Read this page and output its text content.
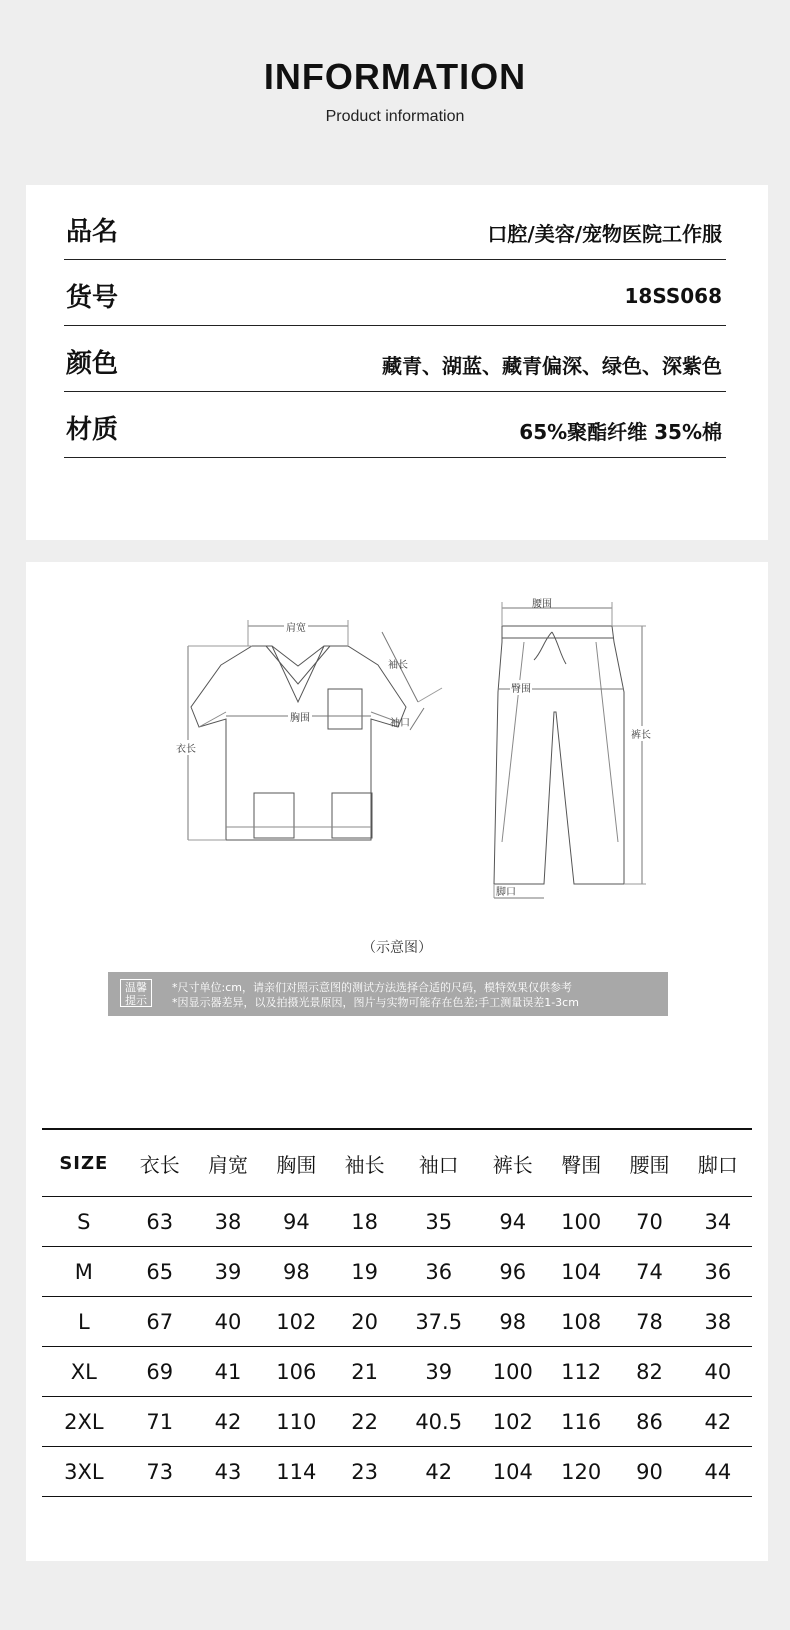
INFORMATION
Product information
品名	口腔/美容/宠物医院工作服
货号	18SS068
颜色	藏青、湖蓝、藏青偏深、绿色、深紫色
材质	65%聚酯纤维 35%棉
肩宽
胸围
衣长
袖长
袖口
腰围
臀围
裤长
脚口
（示意图）
温馨
提示
*尺寸单位:cm，请亲们对照示意图的测试方法选择合适的尺码，模特效果仅供参考
*因显示器差异，以及拍摄光景原因，图片与实物可能存在色差;手工测量误差1-3cm
SIZE	衣长	肩宽	胸围	袖长	袖口	裤长	臀围	腰围	脚口
S	63	38	94	18	35	94	100	70	34
M	65	39	98	19	36	96	104	74	36
L	67	40	102	20	37.5	98	108	78	38
XL	69	41	106	21	39	100	112	82	40
2XL	71	42	110	22	40.5	102	116	86	42
3XL	73	43	114	23	42	104	120	90	44
